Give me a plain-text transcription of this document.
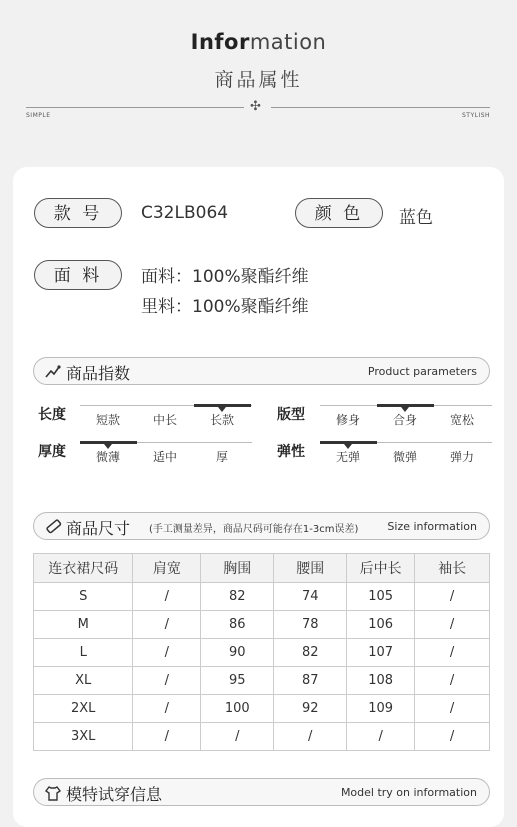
Information
商品属性
✣
SIMPLE	STYLISH
款 号	C32LB064	颜 色	蓝色
面 料	面料：100%聚酯纤维
里料：100%聚酯纤维
商品指数	Product parameters
长度	短款	中长	长款	版型	修身	合身	宽松
厚度	微薄	适中	厚	弹性	无弹	微弹	弹力
商品尺寸 (手工测量差异，商品尺码可能存在1-3cm误差)	Size information
连衣裙尺码	肩宽	胸围	腰围	后中长	袖长
S	/	82	74	105	/
M	/	86	78	106	/
L	/	90	82	107	/
XL	/	95	87	108	/
2XL	/	100	92	109	/
3XL	/	/	/	/	/
模特试穿信息	Model try on information
